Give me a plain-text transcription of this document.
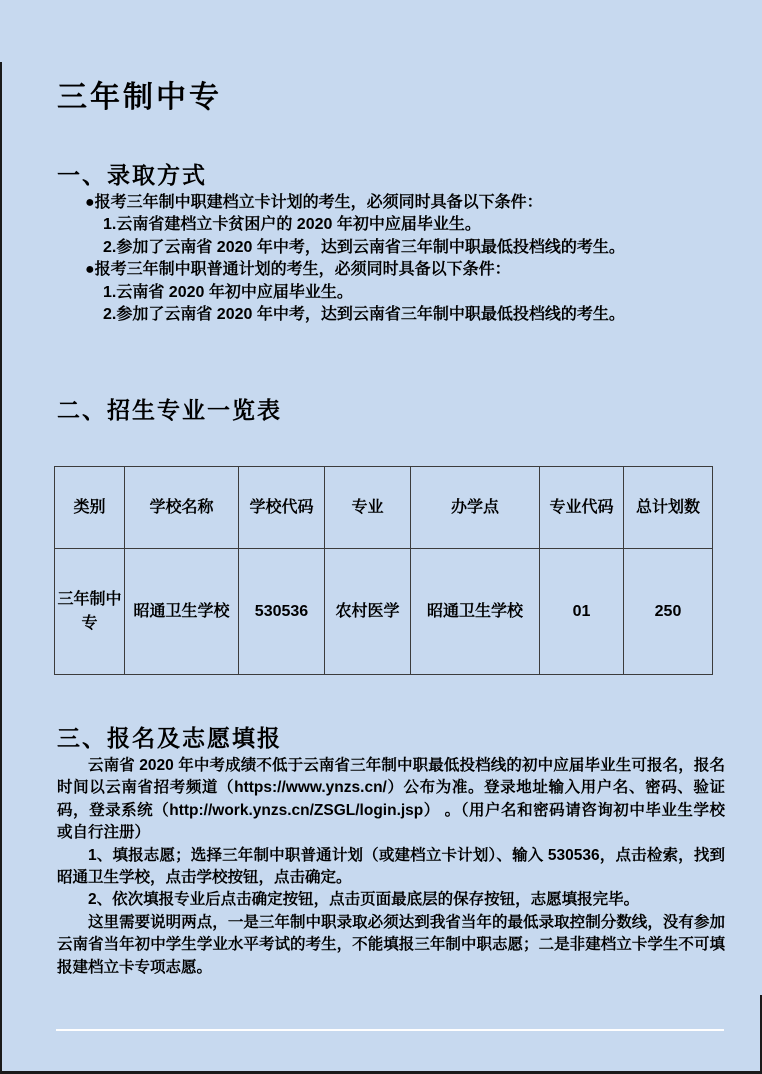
三年制中专
一、录取方式
●报考三年制中职建档立卡计划的考生，必须同时具备以下条件：
1.云南省建档立卡贫困户的 2020 年初中应届毕业生。
2.参加了云南省 2020 年中考，达到云南省三年制中职最低投档线的考生。
●报考三年制中职普通计划的考生，必须同时具备以下条件：
1.云南省 2020 年初中应届毕业生。
2.参加了云南省 2020 年中考，达到云南省三年制中职最低投档线的考生。
二、招生专业一览表
类别	学校名称	学校代码	专业	办学点	专业代码	总计划数
三年制中专	昭通卫生学校	530536	农村医学	昭通卫生学校	01	250
三、报名及志愿填报

云南省 2020 年中考成绩不低于云南省三年制中职最低投档线的初中应届毕业生可报名，报名时间以云南省招考频道（https://www.ynzs.cn/）公布为准。登录地址输入用户名、密码、验证码，登录系统（http://work.ynzs.cn/ZSGL/login.jsp） 。（用户名和密码请咨询初中毕业生学校或自行注册）

1、填报志愿；选择三年制中职普通计划（或建档立卡计划）、输入 530536，点击检索，找到昭通卫生学校，点击学校按钮，点击确定。

2、依次填报专业后点击确定按钮，点击页面最底层的保存按钮，志愿填报完毕。

这里需要说明两点，一是三年制中职录取必须达到我省当年的最低录取控制分数线，没有参加云南省当年初中学生学业水平考试的考生，不能填报三年制中职志愿；二是非建档立卡学生不可填报建档立卡专项志愿。
